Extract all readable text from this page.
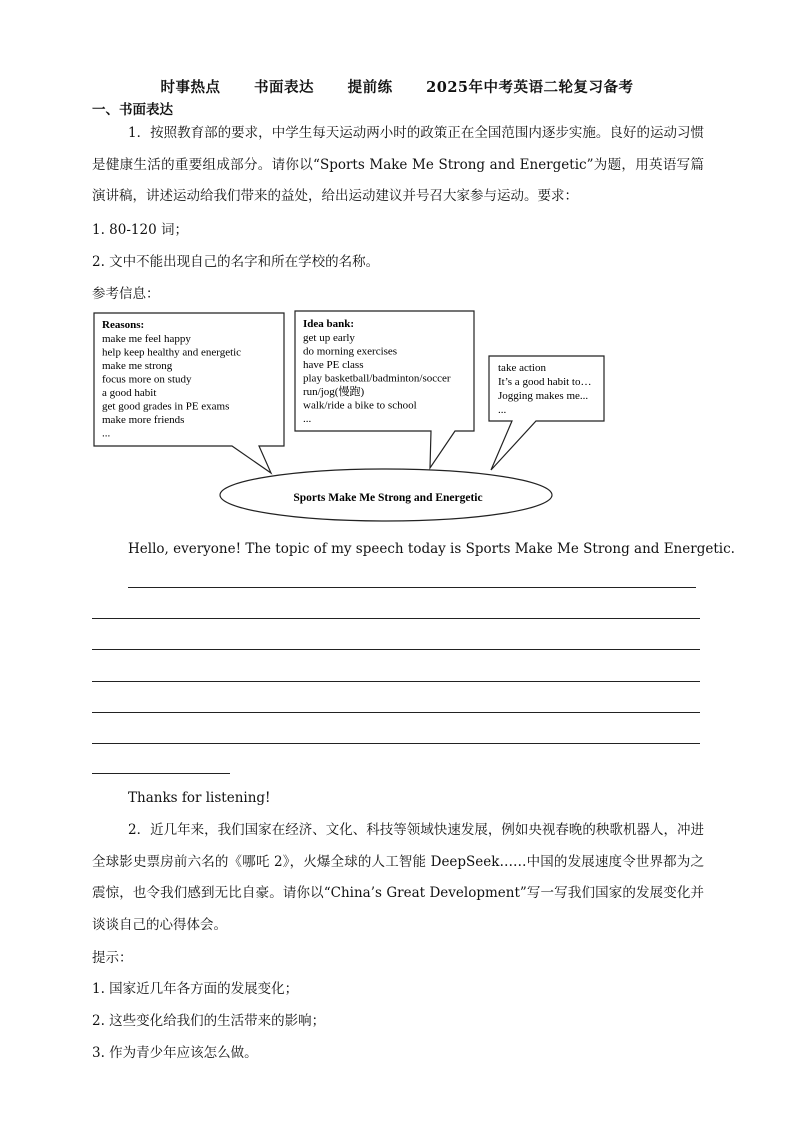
时事热点 书面表达 提前练 2025年中考英语二轮复习备考
一、书面表达
1．按照教育部的要求，中学生每天运动两小时的政策正在全国范围内逐步实施。良好的运动习惯是健康生活的重要组成部分。请你以“Sports Make Me Strong and Energetic”为题，用英语写篇演讲稿，讲述运动给我们带来的益处，给出运动建议并号召大家参与运动。要求：
1. 80-120 词；
2. 文中不能出现自己的名字和所在学校的名称。
参考信息：
Reasons:
make me feel happy
help keep healthy and energetic
make me strong
focus more on study
a good habit
get good grades in PE exams
make more friends
...
Idea bank:
get up early
do morning exercises
have PE class
play basketball/badminton/soccer
run/jog(慢跑)
walk/ride a bike to school
...
take action
It’s a good habit to…
Jogging makes me...
...
Sports Make Me Strong and Energetic
Hello, everyone! The topic of my speech today is Sports Make Me Strong and Energetic.
Thanks for listening!
2．近几年来，我们国家在经济、文化、科技等领域快速发展，例如央视春晚的秧歌机器人，冲进全球影史票房前六名的《哪吒 2》，火爆全球的人工智能 DeepSeek……中国的发展速度令世界都为之震惊，也令我们感到无比自豪。请你以“China’s Great Development”写一写我们国家的发展变化并谈谈自己的心得体会。
提示：
1. 国家近几年各方面的发展变化；
2. 这些变化给我们的生活带来的影响；
3. 作为青少年应该怎么做。
